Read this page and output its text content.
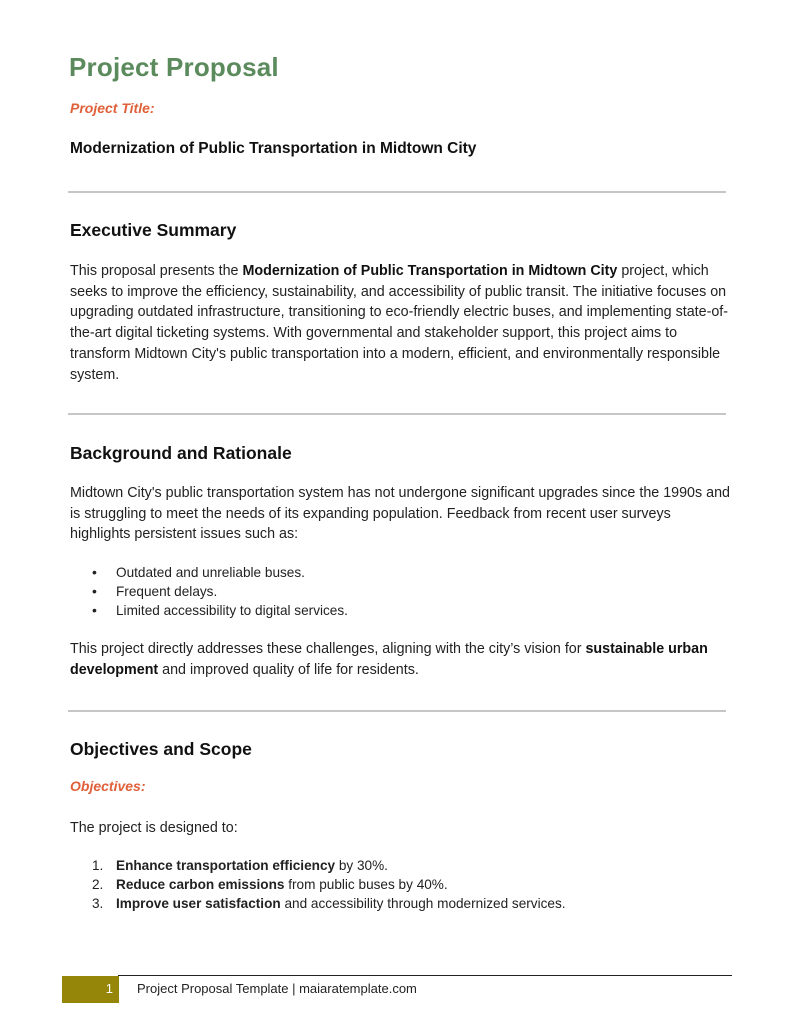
Project Proposal
Project Title:
Modernization of Public Transportation in Midtown City
Executive Summary
This proposal presents the Modernization of Public Transportation in Midtown City project, which seeks to improve the efficiency, sustainability, and accessibility of public transit. The initiative focuses on upgrading outdated infrastructure, transitioning to eco-friendly electric buses, and implementing state-of-the-art digital ticketing systems. With governmental and stakeholder support, this project aims to transform Midtown City's public transportation into a modern, efficient, and environmentally responsible system.
Background and Rationale
Midtown City's public transportation system has not undergone significant upgrades since the 1990s and is struggling to meet the needs of its expanding population. Feedback from recent user surveys highlights persistent issues such as:
• Outdated and unreliable buses.
• Frequent delays.
• Limited accessibility to digital services.
This project directly addresses these challenges, aligning with the city’s vision for sustainable urban development and improved quality of life for residents.
Objectives and Scope
Objectives:
The project is designed to:
1. Enhance transportation efficiency by 30%.
2. Reduce carbon emissions from public buses by 40%.
3. Improve user satisfaction and accessibility through modernized services.
1	Project Proposal Template | maiaratemplate.com
